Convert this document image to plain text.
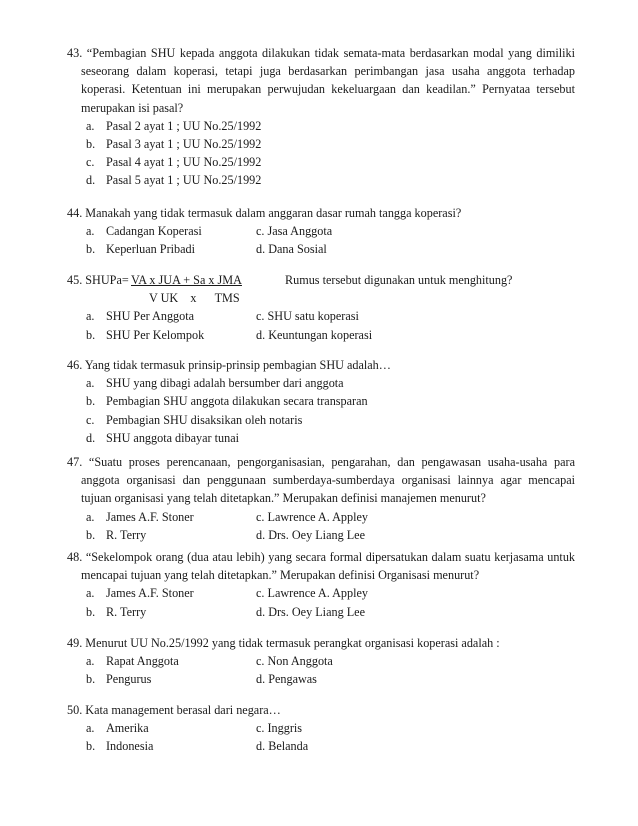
43. “Pembagian SHU kepada anggota dilakukan tidak semata-mata berdasarkan modal yang dimiliki seseorang dalam koperasi, tetapi juga berdasarkan perimbangan jasa usaha anggota terhadap koperasi. Ketentuan ini merupakan perwujudan kekeluargaan dan keadilan.” Pernyataa tersebut merupakan isi pasal?
a. Pasal 2 ayat 1 ; UU No.25/1992
b. Pasal 3 ayat 1 ; UU No.25/1992
c. Pasal 4 ayat 1 ; UU No.25/1992
d. Pasal 5 ayat 1 ; UU No.25/1992
44. Manakah yang tidak termasuk dalam anggaran dasar rumah tangga koperasi?
a. Cadangan Koperasi	c. Jasa Anggota
b. Keperluan Pribadi	d. Dana Sosial
45. SHUPa= VA x JUA + Sa x JMA	Rumus tersebut digunakan untuk menghitung?
V UK    x      TMS
a. SHU Per Anggota	c. SHU satu koperasi
b. SHU Per Kelompok	d. Keuntungan koperasi
46. Yang tidak termasuk prinsip-prinsip pembagian SHU adalah…
a. SHU yang dibagi adalah bersumber dari anggota
b. Pembagian SHU anggota dilakukan secara transparan
c. Pembagian SHU disaksikan oleh notaris
d. SHU anggota dibayar tunai
47. “Suatu proses perencanaan, pengorganisasian, pengarahan, dan pengawasan usaha-usaha para anggota organisasi dan penggunaan sumberdaya-sumberdaya organisasi lainnya agar mencapai tujuan organisasi yang telah ditetapkan.” Merupakan definisi manajemen menurut?
a. James A.F. Stoner	c. Lawrence A. Appley
b. R. Terry	d. Drs. Oey Liang Lee
48. “Sekelompok orang (dua atau lebih) yang secara formal dipersatukan dalam suatu kerjasama untuk mencapai tujuan yang telah ditetapkan.” Merupakan definisi Organisasi menurut?
a. James A.F. Stoner	c. Lawrence A. Appley
b. R. Terry	d. Drs. Oey Liang Lee
49. Menurut UU No.25/1992 yang tidak termasuk perangkat organisasi koperasi adalah :
a. Rapat Anggota	c. Non Anggota
b. Pengurus	d. Pengawas
50. Kata management berasal dari negara…
a. Amerika	c. Inggris
b. Indonesia	d. Belanda
